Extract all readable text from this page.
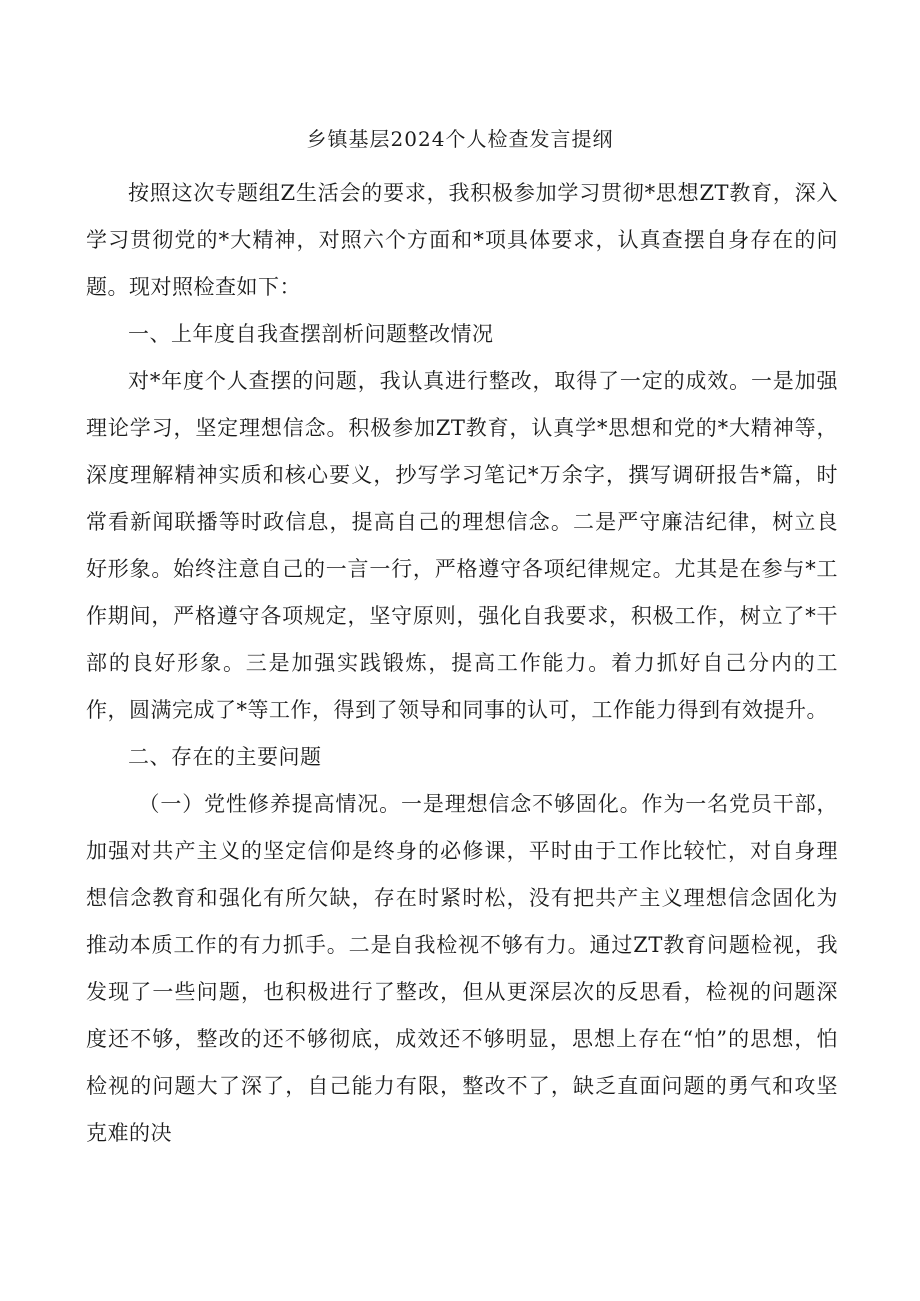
乡镇基层2024个人检查发言提纲

按照这次专题组Z生活会的要求，我积极参加学习贯彻*思想ZT教育，深入学习贯彻党的*大精神，对照六个方面和*项具体要求，认真查摆自身存在的问题。现对照检查如下：

一、上年度自我查摆剖析问题整改情况

对*年度个人查摆的问题，我认真进行整改，取得了一定的成效。一是加强理论学习，坚定理想信念。积极参加ZT教育，认真学*思想和党的*大精神等，深度理解精神实质和核心要义，抄写学习笔记*万余字，撰写调研报告*篇，时常看新闻联播等时政信息，提高自己的理想信念。二是严守廉洁纪律，树立良好形象。始终注意自己的一言一行，严格遵守各项纪律规定。尤其是在参与*工作期间，严格遵守各项规定，坚守原则，强化自我要求，积极工作，树立了*干部的良好形象。三是加强实践锻炼，提高工作能力。着力抓好自己分内的工作，圆满完成了*等工作，得到了领导和同事的认可，工作能力得到有效提升。

二、存在的主要问题

（一）党性修养提高情况。一是理想信念不够固化。作为一名党员干部，加强对共产主义的坚定信仰是终身的必修课，平时由于工作比较忙，对自身理想信念教育和强化有所欠缺，存在时紧时松，没有把共产主义理想信念固化为推动本质工作的有力抓手。二是自我检视不够有力。通过ZT教育问题检视，我发现了一些问题，也积极进行了整改，但从更深层次的反思看，检视的问题深度还不够，整改的还不够彻底，成效还不够明显，思想上存在“怕”的思想，怕检视的问题大了深了，自己能力有限，整改不了，缺乏直面问题的勇气和攻坚克难的决
